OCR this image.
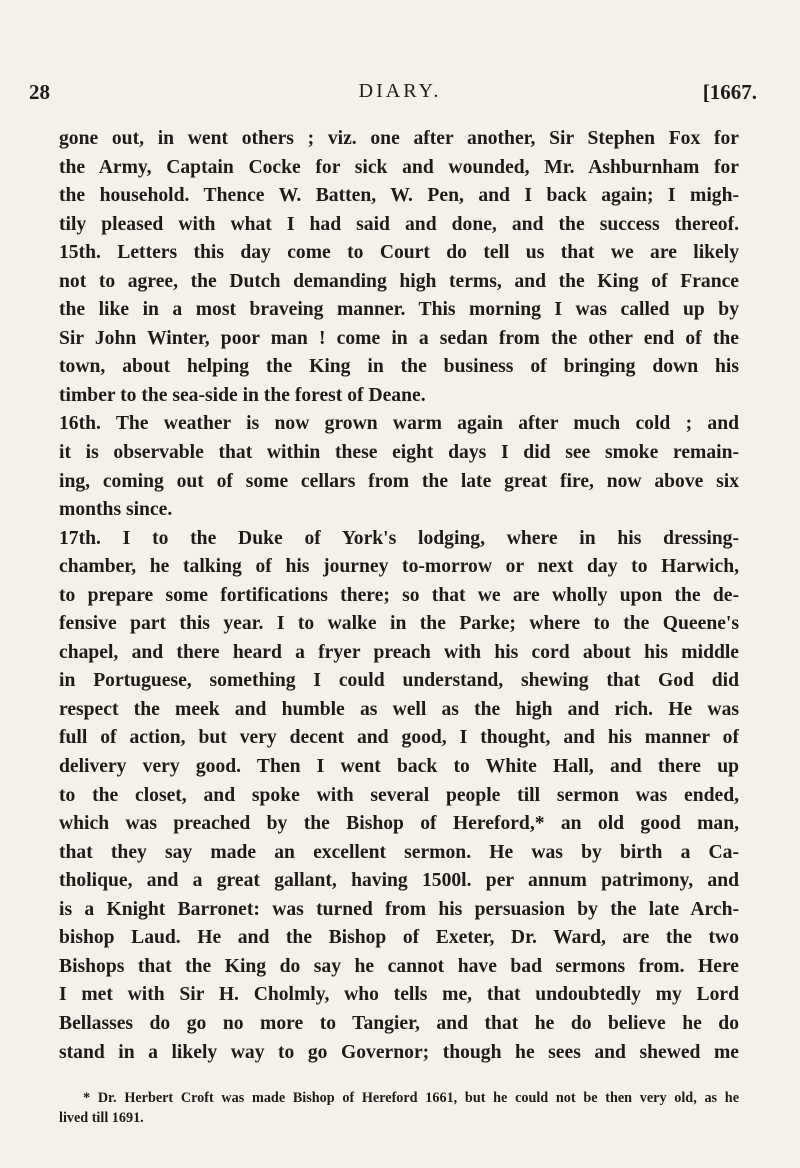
28	DIARY.	[1667.
gone out, in went others ; viz. one after another, Sir Stephen Fox for
the Army, Captain Cocke for sick and wounded, Mr. Ashburnham for
the household. Thence W. Batten, W. Pen, and I back again; I migh-
tily pleased with what I had said and done, and the success thereof.
15th. Letters this day come to Court do tell us that we are likely
not to agree, the Dutch demanding high terms, and the King of France
the like in a most braveing manner. This morning I was called up by
Sir John Winter, poor man ! come in a sedan from the other end of the
town, about helping the King in the business of bringing down his
timber to the sea-side in the forest of Deane.
16th. The weather is now grown warm again after much cold ; and
it is observable that within these eight days I did see smoke remain-
ing, coming out of some cellars from the late great fire, now above six
months since.
17th. I to the Duke of York's lodging, where in his dressing-
chamber, he talking of his journey to-morrow or next day to Harwich,
to prepare some fortifications there; so that we are wholly upon the de-
fensive part this year. I to walke in the Parke; where to the Queene's
chapel, and there heard a fryer preach with his cord about his middle
in Portuguese, something I could understand, shewing that God did
respect the meek and humble as well as the high and rich. He was
full of action, but very decent and good, I thought, and his manner of
delivery very good. Then I went back to White Hall, and there up
to the closet, and spoke with several people till sermon was ended,
which was preached by the Bishop of Hereford,* an old good man,
that they say made an excellent sermon. He was by birth a Ca-
tholique, and a great gallant, having 1500l. per annum patrimony, and
is a Knight Barronet: was turned from his persuasion by the late Arch-
bishop Laud. He and the Bishop of Exeter, Dr. Ward, are the two
Bishops that the King do say he cannot have bad sermons from. Here
I met with Sir H. Cholmly, who tells me, that undoubtedly my Lord
Bellasses do go no more to Tangier, and that he do believe he do
stand in a likely way to go Governor; though he sees and shewed me
* Dr. Herbert Croft was made Bishop of Hereford 1661, but he could not be then very old, as he
lived till 1691.
